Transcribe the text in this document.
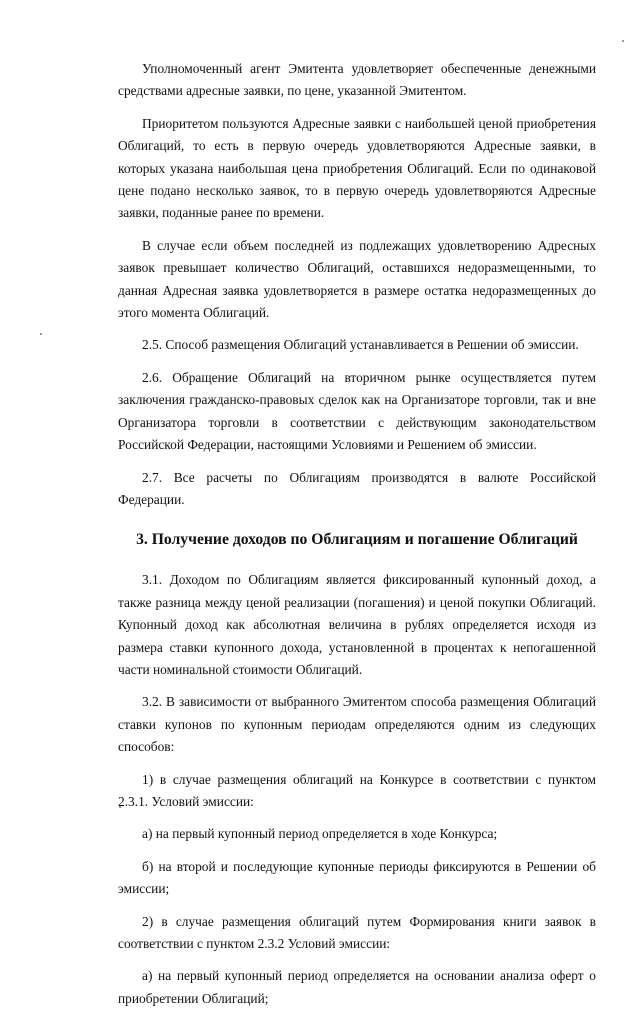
Уполномоченный агент Эмитента удовлетворяет обеспеченные денежными средствами адресные заявки, по цене, указанной Эмитентом.

Приоритетом пользуются Адресные заявки с наибольшей ценой приобретения Облигаций, то есть в первую очередь удовлетворяются Адресные заявки, в которых указана наибольшая цена приобретения Облигаций. Если по одинаковой цене подано несколько заявок, то в первую очередь удовлетворяются Адресные заявки, поданные ранее по времени.

В случае если объем последней из подлежащих удовлетворению Адресных заявок превышает количество Облигаций, оставшихся недоразмещенными, то данная Адресная заявка удовлетворяется в размере остатка недоразмещенных до этого момента Облигаций.

2.5. Способ размещения Облигаций устанавливается в Решении об эмиссии.

2.6. Обращение Облигаций на вторичном рынке осуществляется путем заключения гражданско-правовых сделок как на Организаторе торговли, так и вне Организатора торговли в соответствии с действующим законодательством Российской Федерации, настоящими Условиями и Решением об эмиссии.

2.7. Все расчеты по Облигациям производятся в валюте Российской Федерации.

3. Получение доходов по Облигациям и погашение Облигаций

3.1. Доходом по Облигациям является фиксированный купонный доход, а также разница между ценой реализации (погашения) и ценой покупки Облигаций. Купонный доход как абсолютная величина в рублях определяется исходя из размера ставки купонного дохода, установленной в процентах к непогашенной части номинальной стоимости Облигаций.

3.2. В зависимости от выбранного Эмитентом способа размещения Облигаций ставки купонов по купонным периодам определяются одним из следующих способов:

1) в случае размещения облигаций на Конкурсе в соответствии с пунктом 2.3.1. Условий эмиссии:

а) на первый купонный период определяется в ходе Конкурса;

б) на второй и последующие купонные периоды фиксируются в Решении об эмиссии;

2) в случае размещения облигаций путем Формирования книги заявок в соответствии с пунктом 2.3.2 Условий эмиссии:

а) на первый купонный период определяется на основании анализа оферт о приобретении Облигаций;
